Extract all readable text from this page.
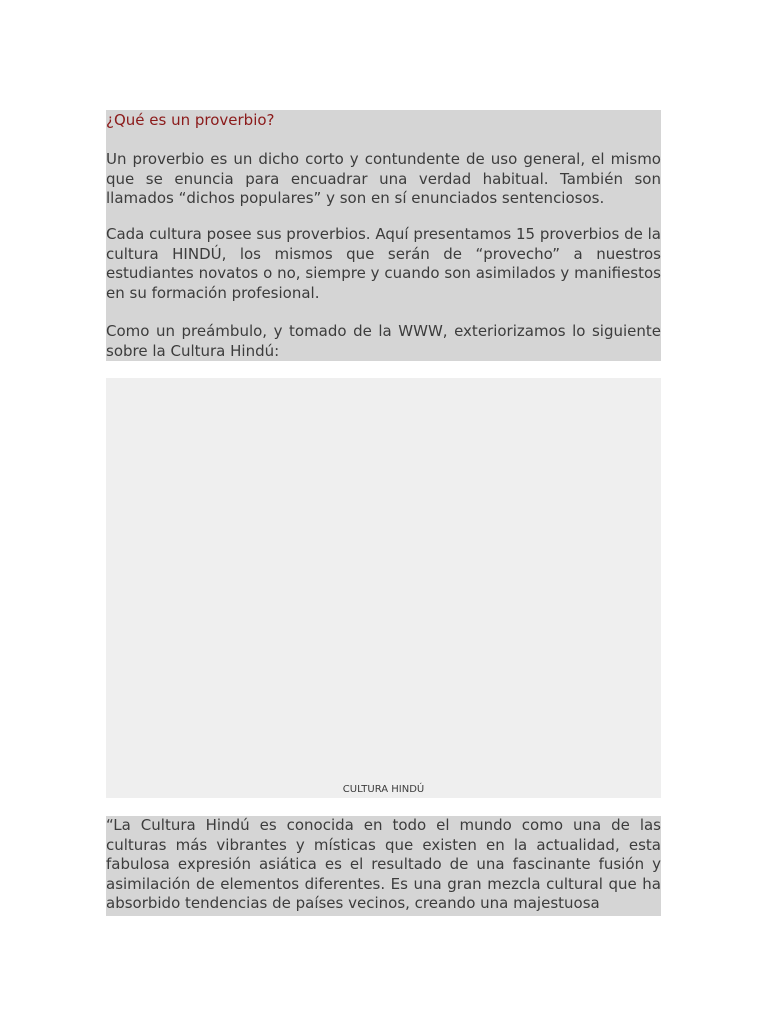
¿Qué es un proverbio?

Un proverbio es un dicho corto y contundente de uso general, el mismo que se enuncia para encuadrar una verdad habitual. También son llamados “dichos populares” y son en sí enunciados sentenciosos.

Cada cultura posee sus proverbios. Aquí presentamos 15 proverbios de la cultura HINDÚ, los mismos que serán de “provecho” a nuestros estudiantes novatos o no, siempre y cuando son asimilados y manifiestos en su formación profesional.

Como un preámbulo, y tomado de la WWW, exteriorizamos lo siguiente sobre la Cultura Hindú:

CULTURA HINDÚ

“La Cultura Hindú es conocida en todo el mundo como una de las culturas más vibrantes y místicas que existen en la actualidad, esta fabulosa expresión asiática es el resultado de una fascinante fusión y asimilación de elementos diferentes. Es una gran mezcla cultural que ha absorbido tendencias de países vecinos, creando una majestuosa
